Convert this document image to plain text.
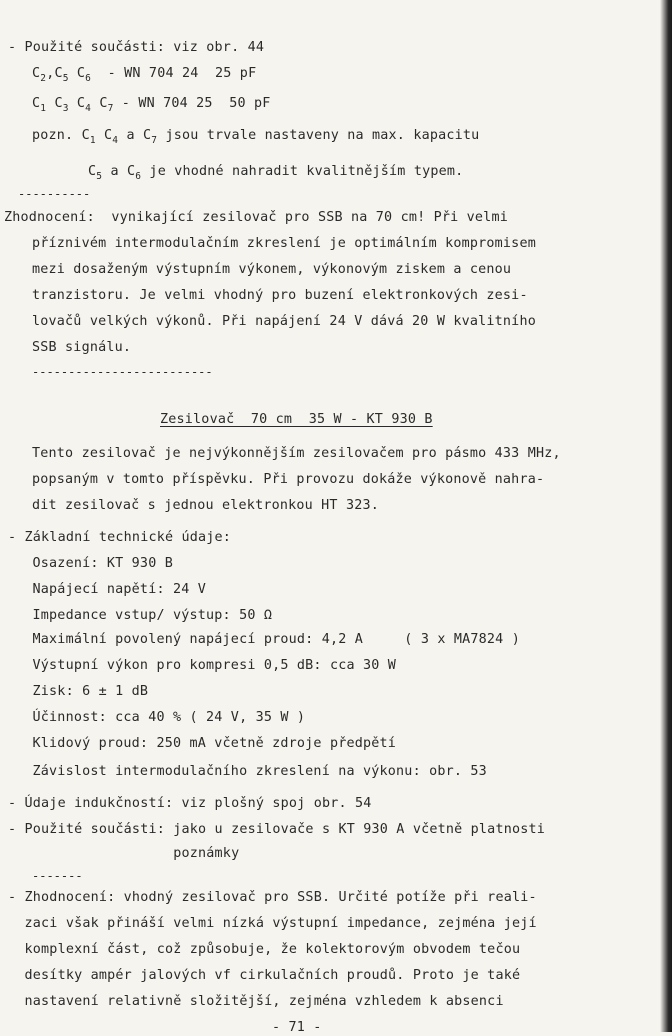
- Použité součásti: viz obr. 44
$C_2,C_5$ $C_6$  - WN 704 24  25 pF
$C_1$ $C_3$ $C_4$ $C_7$ - WN 704 25  50 pF
pozn. $C_1$ $C_4$ a $C_7$ jsou trvale nastaveny na max. kapacitu
$C_5$ a $C_6$ je vhodné nahradit kvalitnějším typem.
----------
Zhodnocení:  vynikající zesilovač pro SSB na 70 cm! Při velmi
příznivém intermodulačním zkreslení je optimálním kompromisem
mezi dosaženým výstupním výkonem, výkonovým ziskem a cenou
tranzistoru. Je velmi vhodný pro buzení elektronkových zesi-
lovačů velkých výkonů. Při napájení 24 V dává 20 W kvalitního
SSB signálu.
-------------------------
Zesilovač  70 cm  35 W - KT 930 B
Tento zesilovač je nejvýkonnějším zesilovačem pro pásmo 433 MHz,
popsaným v tomto příspěvku. Při provozu dokáže výkonově nahra-
dit zesilovač s jednou elektronkou HT 323.
- Základní technické údaje:
Osazení: KT 930 B
Napájecí napětí: 24 V
Impedance vstup/ výstup: 50 Ω
Maximální povolený napájecí proud: 4,2 A     ( 3 x MA7824 )
Výstupní výkon pro kompresi 0,5 dB: cca 30 W
Zisk: 6 ± 1 dB
Účinnost: cca 40 % ( 24 V, 35 W )
Klidový proud: 250 mA včetně zdroje předpětí
Závislost intermodulačního zkreslení na výkonu: obr. 53
- Údaje indukčností: viz plošný spoj obr. 54
- Použité součásti: jako u zesilovače s KT 930 A včetně platnosti
poznámky
-------
- Zhodnocení: vhodný zesilovač pro SSB. Určité potíže při reali-
zaci však přináší velmi nízká výstupní impedance, zejména její
komplexní část, což způsobuje, že kolektorovým obvodem tečou
desítky ampér jalových vf cirkulačních proudů. Proto je také
nastavení relativně složitější, zejména vzhledem k absenci
- 71 -
